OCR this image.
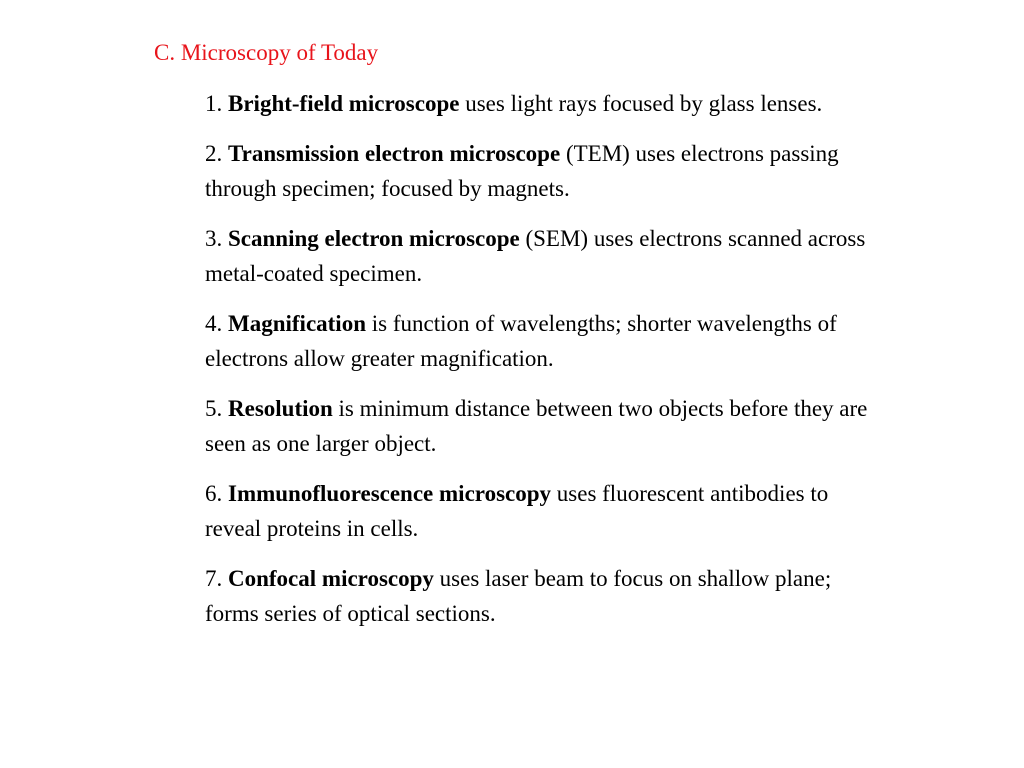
C. Microscopy of Today
1. Bright-field microscope uses light rays focused by glass lenses.
2. Transmission electron microscope (TEM) uses electrons passing through specimen; focused by magnets.
3. Scanning electron microscope (SEM) uses electrons scanned across metal-coated specimen.
4. Magnification is function of wavelengths; shorter wavelengths of electrons allow greater magnification.
5. Resolution is minimum distance between two objects before they are seen as one larger object.
6. Immunofluorescence microscopy uses fluorescent antibodies to reveal proteins in cells.
7. Confocal microscopy uses laser beam to focus on shallow plane; forms series of optical sections.
